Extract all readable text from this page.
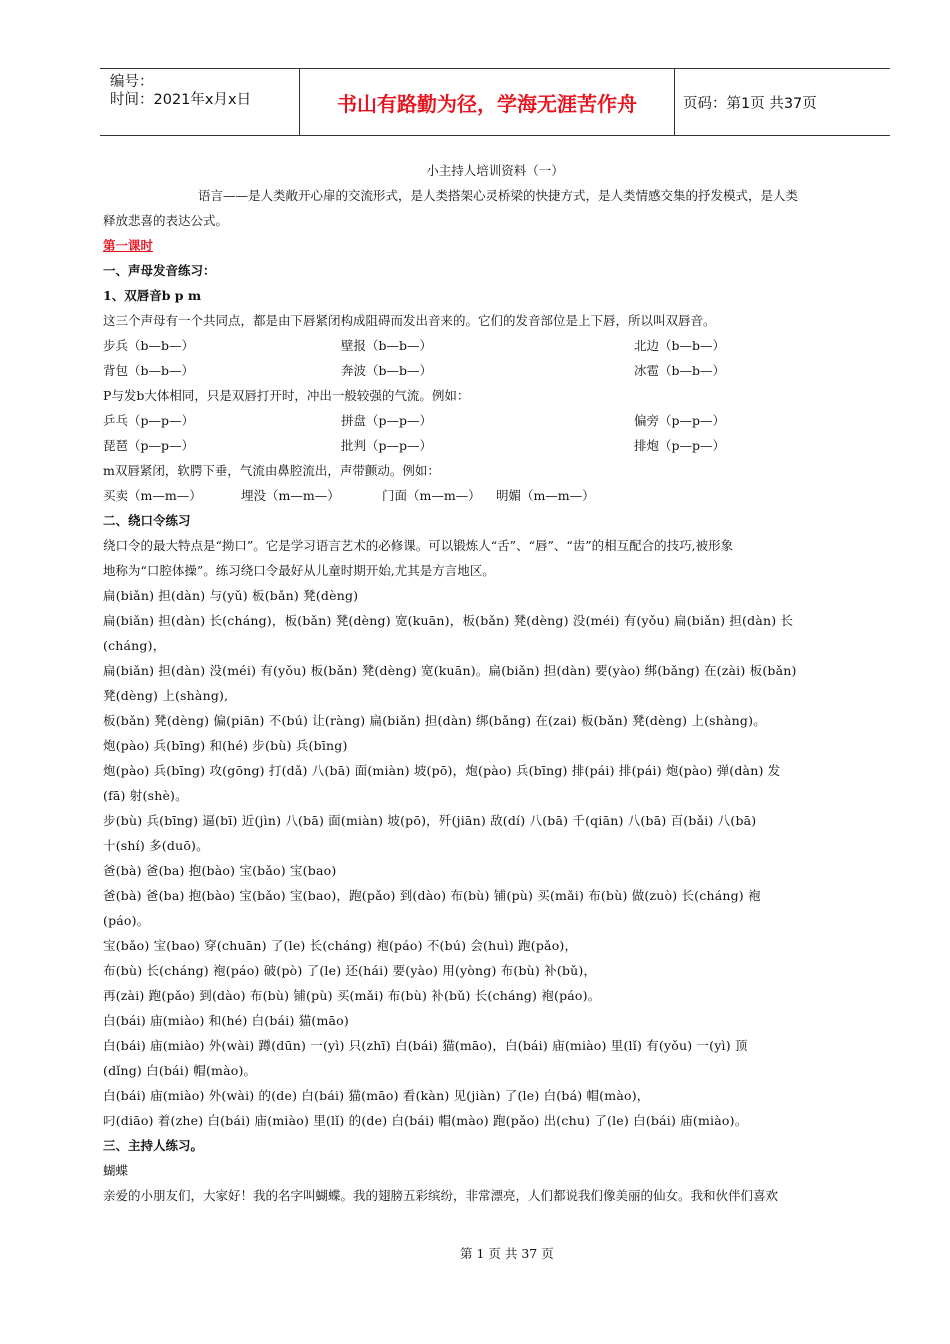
编号：
时间：2021年x月x日	书山有路勤为径，学海无涯苦作舟	页码：第1页 共37页
小主持人培训资料（一）
语言——是人类敞开心扉的交流形式，是人类搭架心灵桥梁的快捷方式，是人类情感交集的抒发模式，是人类
释放悲喜的表达公式。
第一课时
一、声母发音练习：
1、双唇音b p m
这三个声母有一个共同点，都是由下唇紧闭构成阻碍而发出音来的。它们的发音部位是上下唇，所以叫双唇音。
步兵（b—b—）	壁报（b—b—）	北边（b—b—）
背包（b—b—）	奔波（b—b—）	冰雹（b—b—）
P与发b大体相同，只是双唇打开时，冲出一般较强的气流。例如：
乒乓（p—p—）	拼盘（p—p—）	偏旁（p—p—）
琵琶（p—p—）	批判（p—p—）	排炮（p—p—）
m双唇紧闭，软腭下垂，气流由鼻腔流出，声带颤动。例如：
买卖（m—m—）	埋没（m—m—）	门面（m—m—） 明媚（m—m—）
二、绕口令练习
绕口令的最大特点是“拗口”。它是学习语言艺术的必修课。可以锻炼人“舌”、“唇”、“齿”的相互配合的技巧,被形象
地称为“口腔体操”。练习绕口令最好从儿童时期开始,尤其是方言地区。
扁(biǎn) 担(dàn) 与(yǔ) 板(bǎn) 凳(dèng)
扁(biǎn) 担(dàn) 长(cháng)，板(bǎn) 凳(dèng) 宽(kuān)，板(bǎn) 凳(dèng) 没(méi) 有(yǒu) 扁(biǎn) 担(dàn) 长
(cháng)，
扁(biǎn) 担(dàn) 没(méi) 有(yǒu) 板(bǎn) 凳(dèng) 宽(kuān)。扁(biǎn) 担(dàn) 要(yào) 绑(bǎng) 在(zài) 板(bǎn)
凳(dèng) 上(shàng),
板(bǎn) 凳(dèng) 偏(piān) 不(bú) 让(ràng) 扁(biǎn) 担(dàn) 绑(bǎng) 在(zai) 板(bǎn) 凳(dèng) 上(shàng)。
炮(pào) 兵(bīng) 和(hé) 步(bù) 兵(bīng)
炮(pào) 兵(bīng) 攻(gōng) 打(dǎ) 八(bā) 面(miàn) 坡(pō)，炮(pào) 兵(bīng) 排(pái) 排(pái) 炮(pào) 弹(dàn) 发
(fā) 射(shè)。
步(bù) 兵(bīng) 逼(bī) 近(jìn) 八(bā) 面(miàn) 坡(pō)，歼(jiān) 敌(dí) 八(bā) 千(qiān) 八(bā) 百(bǎi) 八(bā)
十(shí) 多(duō)。
爸(bà) 爸(ba) 抱(bào) 宝(bǎo) 宝(bao)
爸(bà) 爸(ba) 抱(bào) 宝(bǎo) 宝(bao)，跑(pǎo) 到(dào) 布(bù) 铺(pù) 买(mǎi) 布(bù) 做(zuò) 长(cháng) 袍
(páo)。
宝(bǎo) 宝(bao) 穿(chuān) 了(le) 长(cháng) 袍(páo) 不(bú) 会(huì) 跑(pǎo)，
布(bù) 长(cháng) 袍(páo) 破(pò) 了(le) 还(hái) 要(yào) 用(yòng) 布(bù) 补(bǔ)，
再(zài) 跑(pǎo) 到(dào) 布(bù) 铺(pù) 买(mǎi) 布(bù) 补(bǔ) 长(cháng) 袍(páo)。
白(bái) 庙(miào) 和(hé) 白(bái) 猫(māo)
白(bái) 庙(miào) 外(wài) 蹲(dūn) 一(yì) 只(zhī) 白(bái) 猫(māo)，白(bái) 庙(miào) 里(lǐ) 有(yǒu) 一(yì) 顶
(dǐng) 白(bái) 帽(mào)。
白(bái) 庙(miào) 外(wài) 的(de) 白(bái) 猫(māo) 看(kàn) 见(jiàn) 了(le) 白(bá) 帽(mào)，
叼(diāo) 着(zhe) 白(bái) 庙(miào) 里(lǐ) 的(de) 白(bái) 帽(mào) 跑(pǎo) 出(chu) 了(le) 白(bái) 庙(miào)。
三、主持人练习。
蝴蝶
亲爱的小朋友们，大家好！我的名字叫蝴蝶。我的翅膀五彩缤纷，非常漂亮，人们都说我们像美丽的仙女。我和伙伴们喜欢
第 1 页 共 37 页
